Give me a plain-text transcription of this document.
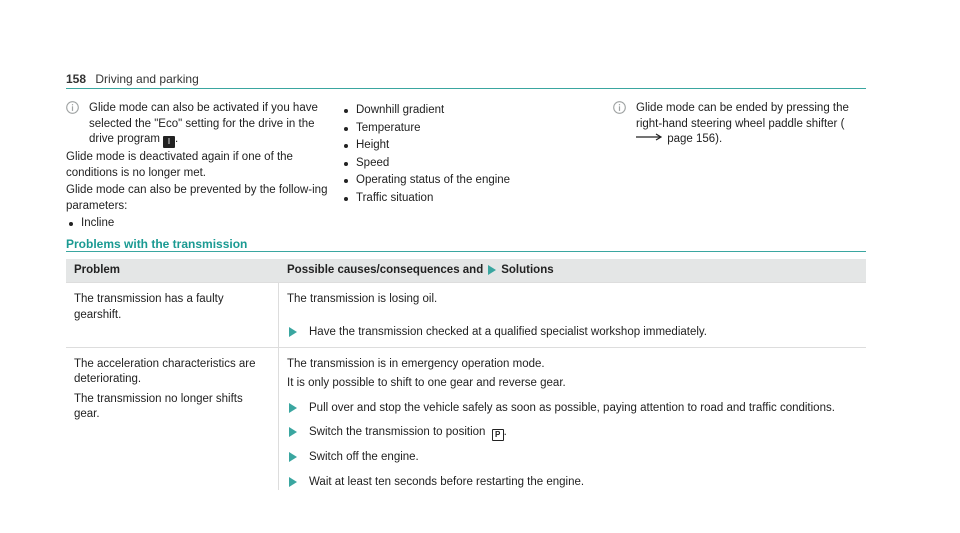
158 Driving and parking

Glide mode can also be activated if you have selected the "Eco" setting for the drive in the drive program I .

Glide mode is deactivated again if one of the conditions is no longer met.

Glide mode can also be prevented by the follow-ing parameters:

Incline
Downhill gradient
Temperature
Height
Speed
Operating status of the engine
Traffic situation

Glide mode can be ended by pressing the right-hand steering wheel paddle shifter ( page 156).

Problems with the transmission
Problem	Possible causes/consequences and Solutions
The transmission has a faulty gearshift.

The transmission is losing oil.

Have the transmission checked at a qualified specialist workshop immediately.

The acceleration characteristics are deteriorating.

The transmission no longer shifts gear.

The transmission is in emergency operation mode.

It is only possible to shift to one gear and reverse gear.

Pull over and stop the vehicle safely as soon as possible, paying attention to road and traffic conditions.
Switch the transmission to position P .
Switch off the engine.
Wait at least ten seconds before restarting the engine.
